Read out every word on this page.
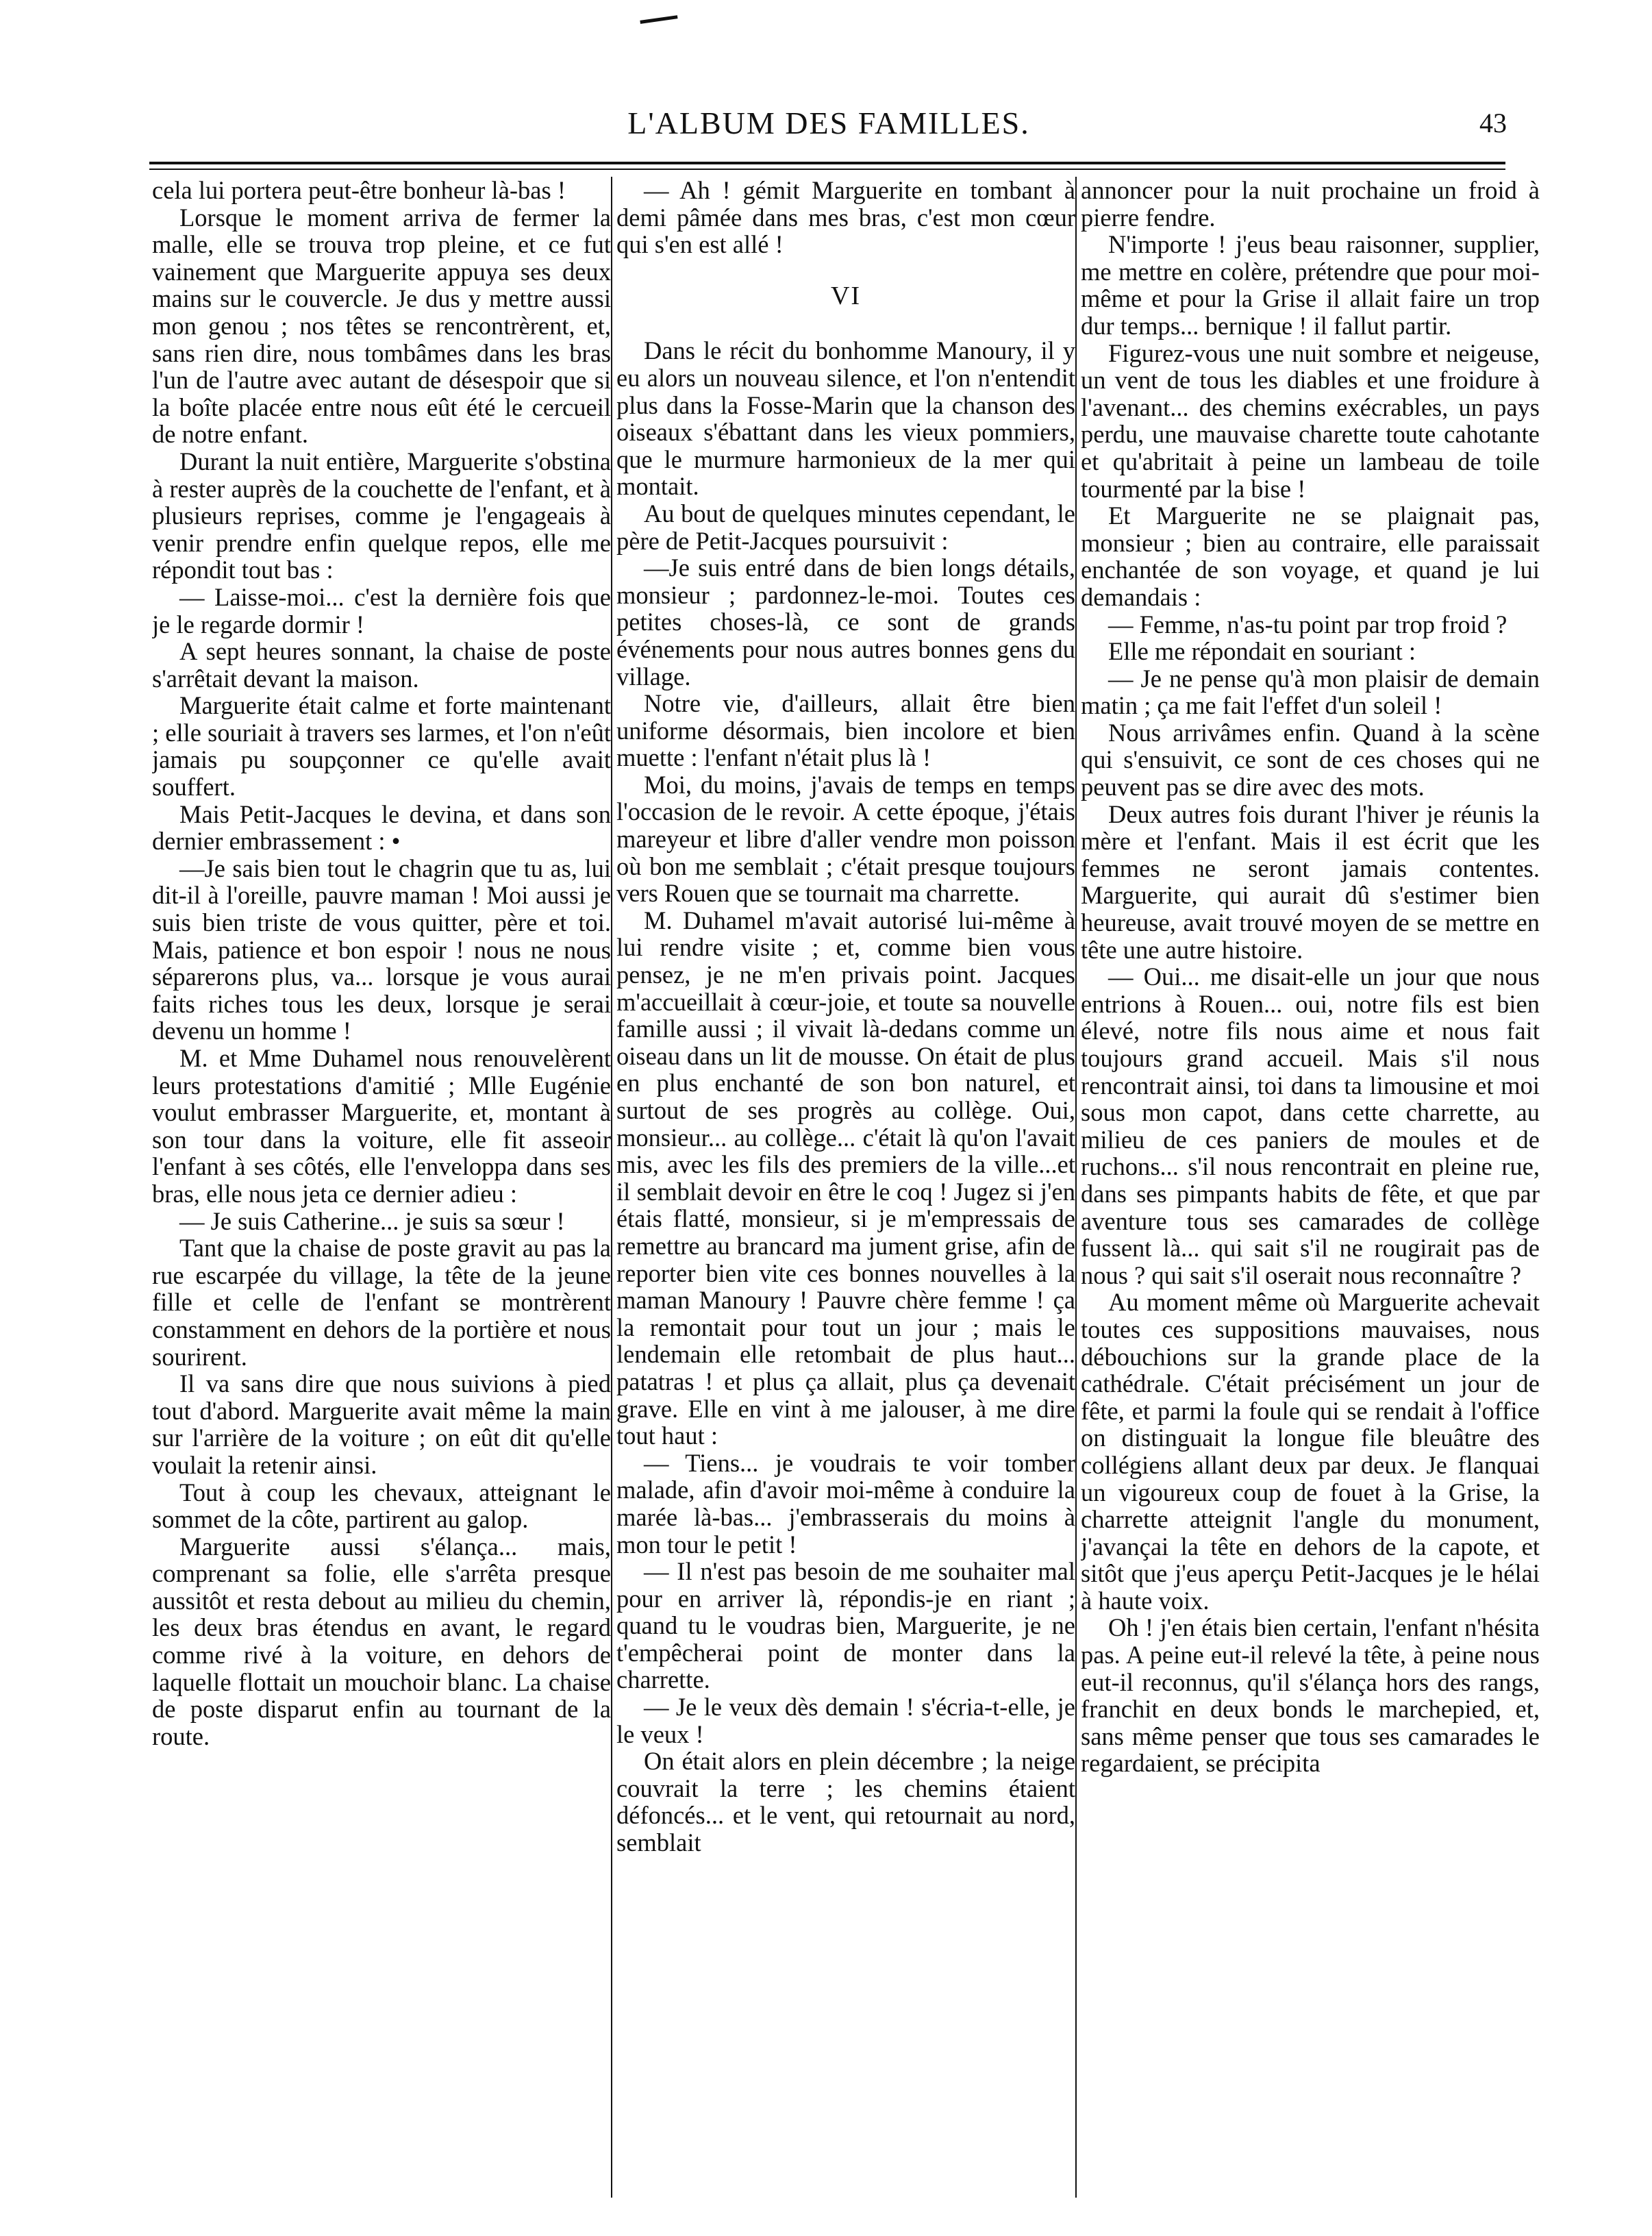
L'ALBUM DES FAMILLES.	43

cela lui portera peut-être bonheur là-bas !

Lorsque le moment arriva de fermer la malle, elle se trouva trop pleine, et ce fut vainement que Marguerite appuya ses deux mains sur le couvercle. Je dus y mettre aussi mon genou ; nos têtes se rencontrèrent, et, sans rien dire, nous tombâmes dans les bras l'un de l'autre avec autant de désespoir que si la boîte placée entre nous eût été le cercueil de notre enfant.

Durant la nuit entière, Marguerite s'obstina à rester auprès de la couchette de l'enfant, et à plusieurs reprises, comme je l'engageais à venir prendre enfin quelque repos, elle me répondit tout bas :

— Laisse-moi... c'est la dernière fois que je le regarde dormir !

A sept heures sonnant, la chaise de poste s'arrêtait devant la maison.

Marguerite était calme et forte maintenant ; elle souriait à travers ses larmes, et l'on n'eût jamais pu soupçonner ce qu'elle avait souffert.

Mais Petit-Jacques le devina, et dans son dernier embrassement : •

—Je sais bien tout le chagrin que tu as, lui dit-il à l'oreille, pauvre maman ! Moi aussi je suis bien triste de vous quitter, père et toi. Mais, patience et bon espoir ! nous ne nous séparerons plus, va... lorsque je vous aurai faits riches tous les deux, lorsque je serai devenu un homme !

M. et Mme Duhamel nous renouvelèrent leurs protestations d'amitié ; Mlle Eugénie voulut embrasser Marguerite, et, montant à son tour dans la voiture, elle fit asseoir l'enfant à ses côtés, elle l'enveloppa dans ses bras, elle nous jeta ce dernier adieu :

— Je suis Catherine... je suis sa sœur !

Tant que la chaise de poste gravit au pas la rue escarpée du village, la tête de la jeune fille et celle de l'enfant se montrèrent constamment en dehors de la portière et nous sourirent.

Il va sans dire que nous suivions à pied tout d'abord. Marguerite avait même la main sur l'arrière de la voiture ; on eût dit qu'elle voulait la retenir ainsi.

Tout à coup les chevaux, atteignant le sommet de la côte, partirent au galop.

Marguerite aussi s'élança... mais, comprenant sa folie, elle s'arrêta presque aussitôt et resta debout au milieu du chemin, les deux bras étendus en avant, le regard comme rivé à la voiture, en dehors de laquelle flottait un mouchoir blanc. La chaise de poste disparut enfin au tournant de la route.

— Ah ! gémit Marguerite en tombant à demi pâmée dans mes bras, c'est mon cœur qui s'en est allé !

VI

Dans le récit du bonhomme Manoury, il y eu alors un nouveau silence, et l'on n'entendit plus dans la Fosse-Marin que la chanson des oiseaux s'ébattant dans les vieux pommiers, que le murmure harmonieux de la mer qui montait.

Au bout de quelques minutes cependant, le père de Petit-Jacques poursuivit :

—Je suis entré dans de bien longs détails, monsieur ; pardonnez-le-moi. Toutes ces petites choses-là, ce sont de grands événements pour nous autres bonnes gens du village.

Notre vie, d'ailleurs, allait être bien uniforme désormais, bien incolore et bien muette : l'enfant n'était plus là !

Moi, du moins, j'avais de temps en temps l'occasion de le revoir. A cette époque, j'étais mareyeur et libre d'aller vendre mon poisson où bon me semblait ; c'était presque toujours vers Rouen que se tournait ma charrette.

M. Duhamel m'avait autorisé lui-même à lui rendre visite ; et, comme bien vous pensez, je ne m'en privais point. Jacques m'accueillait à cœur-joie, et toute sa nouvelle famille aussi ; il vivait là-dedans comme un oiseau dans un lit de mousse. On était de plus en plus enchanté de son bon naturel, et surtout de ses progrès au collège. Oui, monsieur... au collège... c'était là qu'on l'avait mis, avec les fils des premiers de la ville...et il semblait devoir en être le coq ! Jugez si j'en étais flatté, monsieur, si je m'empressais de remettre au brancard ma jument grise, afin de reporter bien vite ces bonnes nouvelles à la maman Manoury ! Pauvre chère femme ! ça la remontait pour tout un jour ; mais le lendemain elle retombait de plus haut... patatras ! et plus ça allait, plus ça devenait grave. Elle en vint à me jalouser, à me dire tout haut :

— Tiens... je voudrais te voir tomber malade, afin d'avoir moi-même à conduire la marée là-bas... j'embrasserais du moins à mon tour le petit !

— Il n'est pas besoin de me souhaiter mal pour en arriver là, répondis-je en riant ; quand tu le voudras bien, Marguerite, je ne t'empêcherai point de monter dans la charrette.

— Je le veux dès demain ! s'écria-t-elle, je le veux !

On était alors en plein décembre ; la neige couvrait la terre ; les chemins étaient défoncés... et le vent, qui retournait au nord, semblait

annoncer pour la nuit prochaine un froid à pierre fendre.

N'importe ! j'eus beau raisonner, supplier, me mettre en colère, prétendre que pour moi-même et pour la Grise il allait faire un trop dur temps... bernique ! il fallut partir.

Figurez-vous une nuit sombre et neigeuse, un vent de tous les diables et une froidure à l'avenant... des chemins exécrables, un pays perdu, une mauvaise charette toute cahotante et qu'abritait à peine un lambeau de toile tourmenté par la bise !

Et Marguerite ne se plaignait pas, monsieur ; bien au contraire, elle paraissait enchantée de son voyage, et quand je lui demandais :

— Femme, n'as-tu point par trop froid ?

Elle me répondait en souriant :

— Je ne pense qu'à mon plaisir de demain matin ; ça me fait l'effet d'un soleil !

Nous arrivâmes enfin. Quand à la scène qui s'ensuivit, ce sont de ces choses qui ne peuvent pas se dire avec des mots.

Deux autres fois durant l'hiver je réunis la mère et l'enfant. Mais il est écrit que les femmes ne seront jamais contentes. Marguerite, qui aurait dû s'estimer bien heureuse, avait trouvé moyen de se mettre en tête une autre histoire.

— Oui... me disait-elle un jour que nous entrions à Rouen... oui, notre fils est bien élevé, notre fils nous aime et nous fait toujours grand accueil. Mais s'il nous rencontrait ainsi, toi dans ta limousine et moi sous mon capot, dans cette charrette, au milieu de ces paniers de moules et de ruchons... s'il nous rencontrait en pleine rue, dans ses pimpants habits de fête, et que par aventure tous ses camarades de collège fussent là... qui sait s'il ne rougirait pas de nous ? qui sait s'il oserait nous reconnaître ?

Au moment même où Marguerite achevait toutes ces suppositions mauvaises, nous débouchions sur la grande place de la cathédrale. C'était précisément un jour de fête, et parmi la foule qui se rendait à l'office on distinguait la longue file bleuâtre des collégiens allant deux par deux. Je flanquai un vigoureux coup de fouet à la Grise, la charrette atteignit l'angle du monument, j'avançai la tête en dehors de la capote, et sitôt que j'eus aperçu Petit-Jacques je le hélai à haute voix.

Oh ! j'en étais bien certain, l'enfant n'hésita pas. A peine eut-il relevé la tête, à peine nous eut-il reconnus, qu'il s'élança hors des rangs, franchit en deux bonds le marchepied, et, sans même penser que tous ses camarades le regardaient, se précipita
